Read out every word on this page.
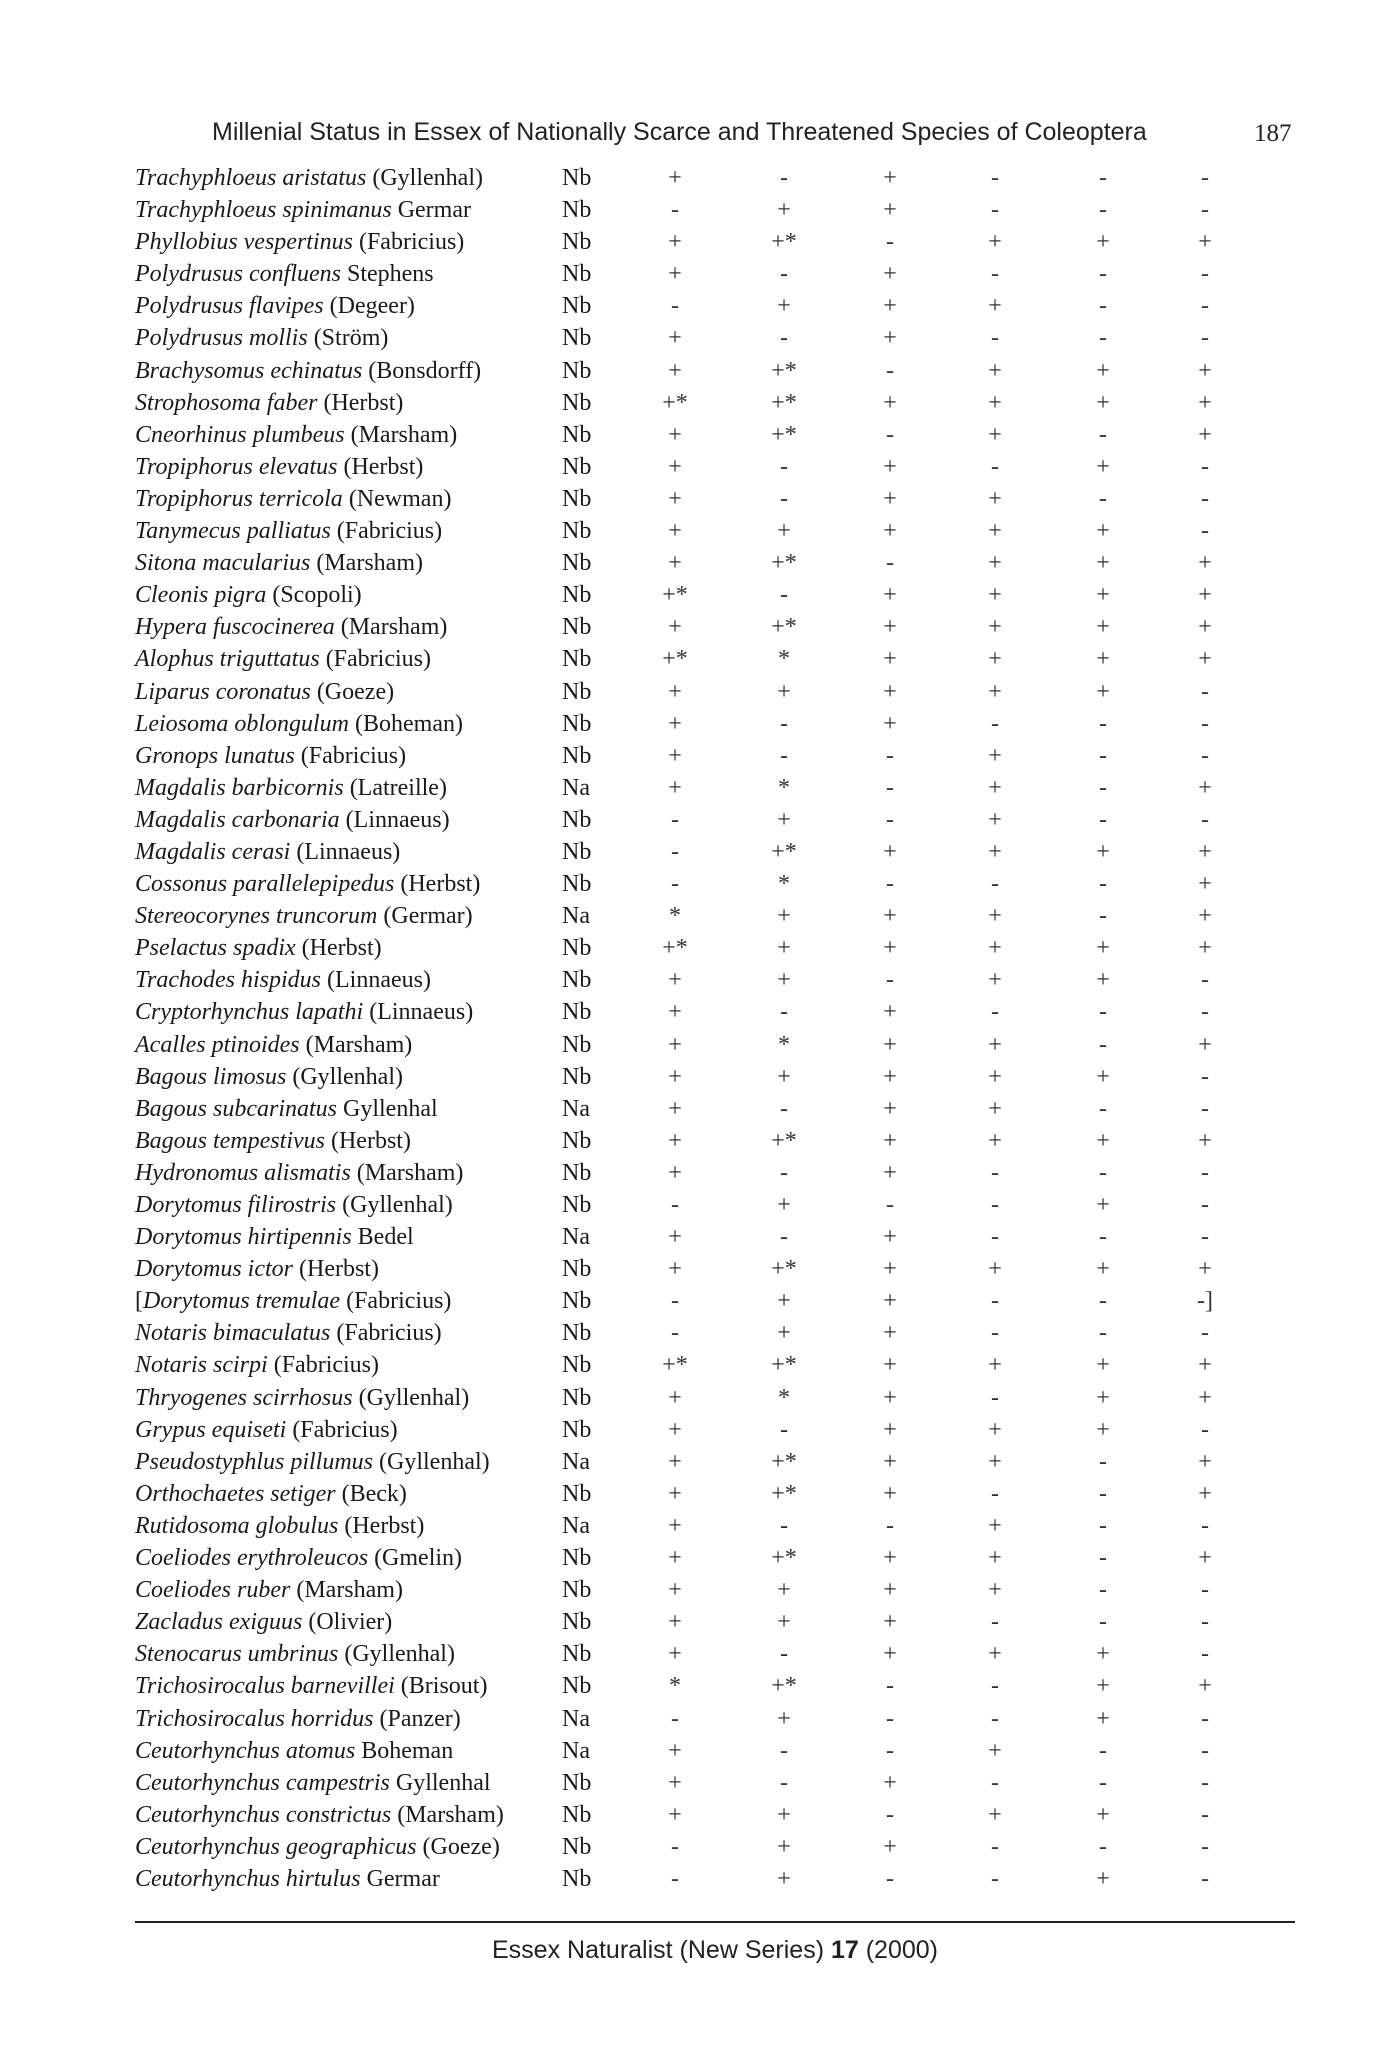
Millenial Status in Essex of Nationally Scarce and Threatened Species of Coleoptera	187
Trachyphloeus aristatus (Gyllenhal)	Nb	+	-	+	-	-	-
Trachyphloeus spinimanus Germar	Nb	-	+	+	-	-	-
Phyllobius vespertinus (Fabricius)	Nb	+	+*	-	+	+	+
Polydrusus confluens Stephens	Nb	+	-	+	-	-	-
Polydrusus flavipes (Degeer)	Nb	-	+	+	+	-	-
Polydrusus mollis (Ström)	Nb	+	-	+	-	-	-
Brachysomus echinatus (Bonsdorff)	Nb	+	+*	-	+	+	+
Strophosoma faber (Herbst)	Nb	+*	+*	+	+	+	+
Cneorhinus plumbeus (Marsham)	Nb	+	+*	-	+	-	+
Tropiphorus elevatus (Herbst)	Nb	+	-	+	-	+	-
Tropiphorus terricola (Newman)	Nb	+	-	+	+	-	-
Tanymecus palliatus (Fabricius)	Nb	+	+	+	+	+	-
Sitona macularius (Marsham)	Nb	+	+*	-	+	+	+
Cleonis pigra (Scopoli)	Nb	+*	-	+	+	+	+
Hypera fuscocinerea (Marsham)	Nb	+	+*	+	+	+	+
Alophus triguttatus (Fabricius)	Nb	+*	*	+	+	+	+
Liparus coronatus (Goeze)	Nb	+	+	+	+	+	-
Leiosoma oblongulum (Boheman)	Nb	+	-	+	-	-	-
Gronops lunatus (Fabricius)	Nb	+	-	-	+	-	-
Magdalis barbicornis (Latreille)	Na	+	*	-	+	-	+
Magdalis carbonaria (Linnaeus)	Nb	-	+	-	+	-	-
Magdalis cerasi (Linnaeus)	Nb	-	+*	+	+	+	+
Cossonus parallelepipedus (Herbst)	Nb	-	*	-	-	-	+
Stereocorynes truncorum (Germar)	Na	*	+	+	+	-	+
Pselactus spadix (Herbst)	Nb	+*	+	+	+	+	+
Trachodes hispidus (Linnaeus)	Nb	+	+	-	+	+	-
Cryptorhynchus lapathi (Linnaeus)	Nb	+	-	+	-	-	-
Acalles ptinoides (Marsham)	Nb	+	*	+	+	-	+
Bagous limosus (Gyllenhal)	Nb	+	+	+	+	+	-
Bagous subcarinatus Gyllenhal	Na	+	-	+	+	-	-
Bagous tempestivus (Herbst)	Nb	+	+*	+	+	+	+
Hydronomus alismatis (Marsham)	Nb	+	-	+	-	-	-
Dorytomus filirostris (Gyllenhal)	Nb	-	+	-	-	+	-
Dorytomus hirtipennis Bedel	Na	+	-	+	-	-	-
Dorytomus ictor (Herbst)	Nb	+	+*	+	+	+	+
[Dorytomus tremulae (Fabricius)	Nb	-	+	+	-	-	-]
Notaris bimaculatus (Fabricius)	Nb	-	+	+	-	-	-
Notaris scirpi (Fabricius)	Nb	+*	+*	+	+	+	+
Thryogenes scirrhosus (Gyllenhal)	Nb	+	*	+	-	+	+
Grypus equiseti (Fabricius)	Nb	+	-	+	+	+	-
Pseudostyphlus pillumus (Gyllenhal)	Na	+	+*	+	+	-	+
Orthochaetes setiger (Beck)	Nb	+	+*	+	-	-	+
Rutidosoma globulus (Herbst)	Na	+	-	-	+	-	-
Coeliodes erythroleucos (Gmelin)	Nb	+	+*	+	+	-	+
Coeliodes ruber (Marsham)	Nb	+	+	+	+	-	-
Zacladus exiguus (Olivier)	Nb	+	+	+	-	-	-
Stenocarus umbrinus (Gyllenhal)	Nb	+	-	+	+	+	-
Trichosirocalus barnevillei (Brisout)	Nb	*	+*	-	-	+	+
Trichosirocalus horridus (Panzer)	Na	-	+	-	-	+	-
Ceutorhynchus atomus Boheman	Na	+	-	-	+	-	-
Ceutorhynchus campestris Gyllenhal	Nb	+	-	+	-	-	-
Ceutorhynchus constrictus (Marsham) Nb	+	+	-	+	+	-
Ceutorhynchus geographicus (Goeze)	Nb	-	+	+	-	-	-
Ceutorhynchus hirtulus Germar	Nb	-	+	-	-	+	-
Essex Naturalist (New Series) 17 (2000)
